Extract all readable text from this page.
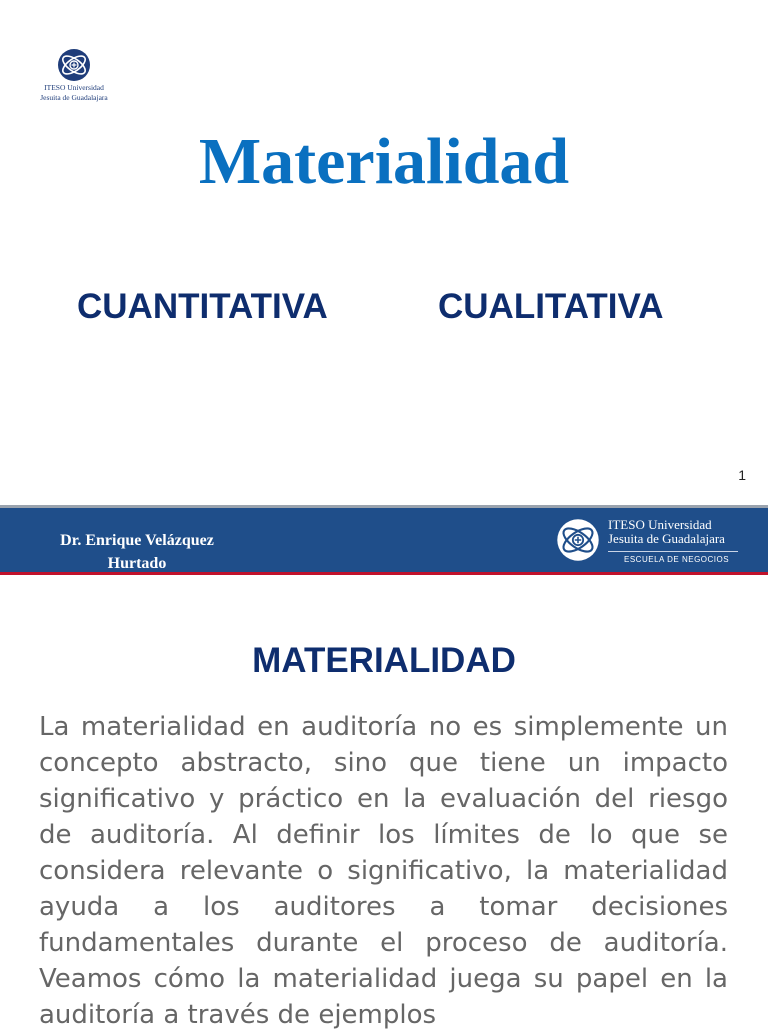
ITESO Universidad
Jesuita de Guadalajara
Materialidad
CUANTITATIVA	CUALITATIVA
1
Dr. Enrique Velázquez
Hurtado
ITESO Universidad
Jesuita de Guadalajara
ESCUELA DE NEGOCIOS
MATERIALIDAD

La materialidad en auditoría no es simplemente un concepto abstracto, sino que tiene un impacto significativo y práctico en la evaluación del riesgo de auditoría. Al definir los límites de lo que se considera relevante o significativo, la materialidad ayuda a los auditores a tomar decisiones fundamentales durante el proceso de auditoría. Veamos cómo la materialidad juega su papel en la auditoría a través de ejemplos
